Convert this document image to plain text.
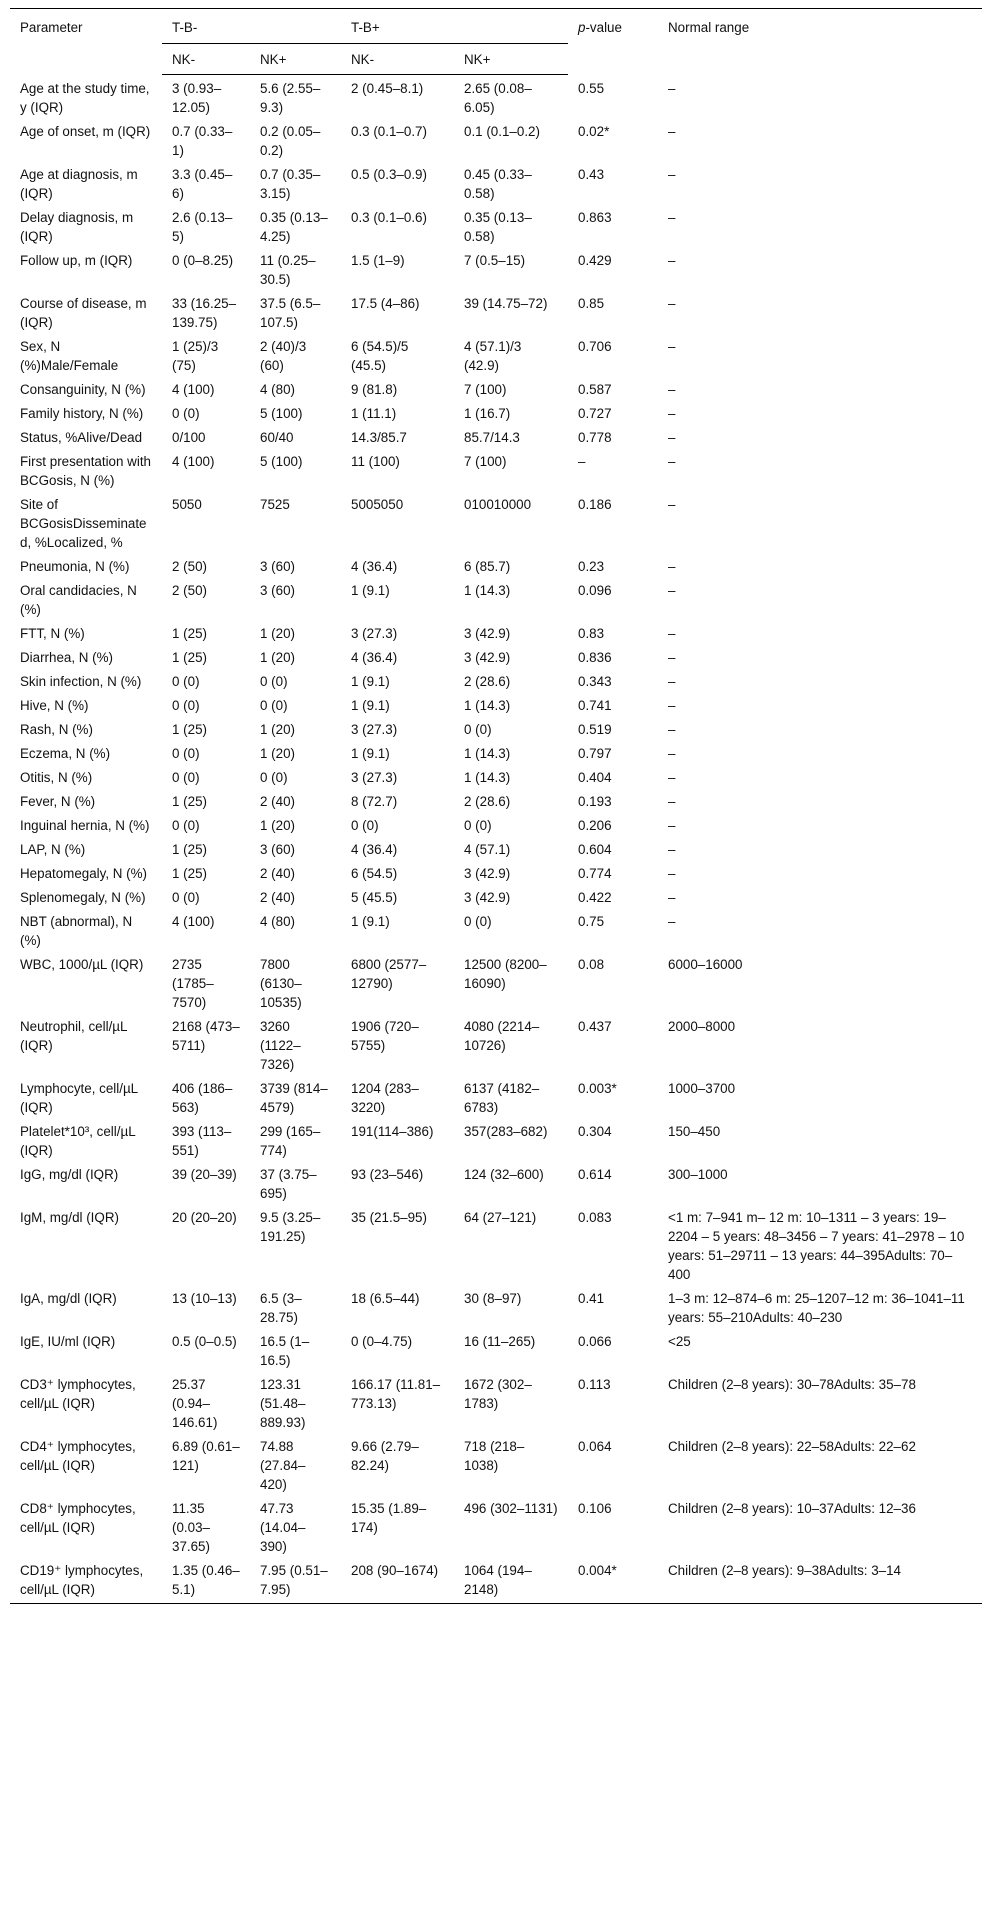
Parameter	T-B-		T-B+		p-value	Normal range
	NK-	NK+	NK-	NK+		
Age at the study time, y (IQR)	3 (0.93–12.05)	5.6 (2.55–9.3)	2 (0.45–8.1)	2.65 (0.08–6.05)	0.55	–
Age of onset, m (IQR)	0.7 (0.33–1)	0.2 (0.05–0.2)	0.3 (0.1–0.7)	0.1 (0.1–0.2)	0.02*	–
Age at diagnosis, m (IQR)	3.3 (0.45–6)	0.7 (0.35–3.15)	0.5 (0.3–0.9)	0.45 (0.33–0.58)	0.43	–
Delay diagnosis, m (IQR)	2.6 (0.13–5)	0.35 (0.13–4.25)	0.3 (0.1–0.6)	0.35 (0.13–0.58)	0.863	–
Follow up, m (IQR)	0 (0–8.25)	11 (0.25–30.5)	1.5 (1–9)	7 (0.5–15)	0.429	–
Course of disease, m (IQR)	33 (16.25–139.75)	37.5 (6.5–107.5)	17.5 (4–86)	39 (14.75–72)	0.85	–
Sex, N (%)Male/Female	1 (25)/3 (75)	2 (40)/3 (60)	6 (54.5)/5 (45.5)	4 (57.1)/3 (42.9)	0.706	–
Consanguinity, N (%)	4 (100)	4 (80)	9 (81.8)	7 (100)	0.587	–
Family history, N (%)	0 (0)	5 (100)	1 (11.1)	1 (16.7)	0.727	–
Status, %Alive/Dead	0/100	60/40	14.3/85.7	85.7/14.3	0.778	–
First presentation with BCGosis, N (%)	4 (100)	5 (100)	11 (100)	7 (100)	–	–
Site of BCGosisDisseminated, %Localized, %	5050	7525	5005050	010010000	0.186	–
Pneumonia, N (%)	2 (50)	3 (60)	4 (36.4)	6 (85.7)	0.23	–
Oral candidacies, N (%)	2 (50)	3 (60)	1 (9.1)	1 (14.3)	0.096	–
FTT, N (%)	1 (25)	1 (20)	3 (27.3)	3 (42.9)	0.83	–
Diarrhea, N (%)	1 (25)	1 (20)	4 (36.4)	3 (42.9)	0.836	–
Skin infection, N (%)	0 (0)	0 (0)	1 (9.1)	2 (28.6)	0.343	–
Hive, N (%)	0 (0)	0 (0)	1 (9.1)	1 (14.3)	0.741	–
Rash, N (%)	1 (25)	1 (20)	3 (27.3)	0 (0)	0.519	–
Eczema, N (%)	0 (0)	1 (20)	1 (9.1)	1 (14.3)	0.797	–
Otitis, N (%)	0 (0)	0 (0)	3 (27.3)	1 (14.3)	0.404	–
Fever, N (%)	1 (25)	2 (40)	8 (72.7)	2 (28.6)	0.193	–
Inguinal hernia, N (%)	0 (0)	1 (20)	0 (0)	0 (0)	0.206	–
LAP, N (%)	1 (25)	3 (60)	4 (36.4)	4 (57.1)	0.604	–
Hepatomegaly, N (%)	1 (25)	2 (40)	6 (54.5)	3 (42.9)	0.774	–
Splenomegaly, N (%)	0 (0)	2 (40)	5 (45.5)	3 (42.9)	0.422	–
NBT (abnormal), N (%)	4 (100)	4 (80)	1 (9.1)	0 (0)	0.75	–
WBC, 1000/µL (IQR)	2735 (1785–7570)	7800 (6130–10535)	6800 (2577–12790)	12500 (8200–16090)	0.08	6000–16000
Neutrophil, cell/µL (IQR)	2168 (473–5711)	3260 (1122–7326)	1906 (720–5755)	4080 (2214–10726)	0.437	2000–8000
Lymphocyte, cell/µL (IQR)	406 (186–563)	3739 (814–4579)	1204 (283–3220)	6137 (4182–6783)	0.003*	1000–3700
Platelet*10³, cell/µL (IQR)	393 (113–551)	299 (165–774)	191(114–386)	357(283–682)	0.304	150–450
IgG, mg/dl (IQR)	39 (20–39)	37 (3.75–695)	93 (23–546)	124 (32–600)	0.614	300–1000
IgM, mg/dl (IQR)	20 (20–20)	9.5 (3.25–191.25)	35 (21.5–95)	64 (27–121)	0.083	<1 m: 7–941 m– 12 m: 10–1311 – 3 years: 19–2204 – 5 years: 48–3456 – 7 years: 41–2978 – 10 years: 51–29711 – 13 years: 44–395Adults: 70–400
IgA, mg/dl (IQR)	13 (10–13)	6.5 (3–28.75)	18 (6.5–44)	30 (8–97)	0.41	1–3 m: 12–874–6 m: 25–1207–12 m: 36–1041–11 years: 55–210Adults: 40–230
IgE, IU/ml (IQR)	0.5 (0–0.5)	16.5 (1–16.5)	0 (0–4.75)	16 (11–265)	0.066	<25
CD3⁺ lymphocytes, cell/µL (IQR)	25.37 (0.94–146.61)	123.31 (51.48–889.93)	166.17 (11.81–773.13)	1672 (302–1783)	0.113	Children (2–8 years): 30–78Adults: 35–78
CD4⁺ lymphocytes, cell/µL (IQR)	6.89 (0.61–121)	74.88 (27.84–420)	9.66 (2.79–82.24)	718 (218–1038)	0.064	Children (2–8 years): 22–58Adults: 22–62
CD8⁺ lymphocytes, cell/µL (IQR)	11.35 (0.03–37.65)	47.73 (14.04–390)	15.35 (1.89–174)	496 (302–1131)	0.106	Children (2–8 years): 10–37Adults: 12–36
CD19⁺ lymphocytes, cell/µL (IQR)	1.35 (0.46–5.1)	7.95 (0.51–7.95)	208 (90–1674)	1064 (194–2148)	0.004*	Children (2–8 years): 9–38Adults: 3–14
